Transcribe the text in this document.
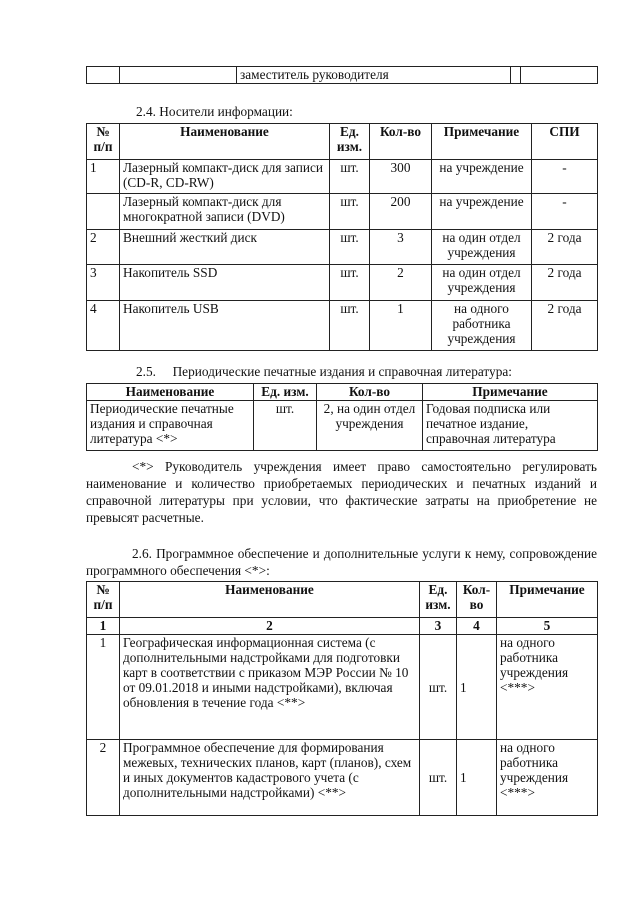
		заместитель руководителя		
2.4. Носители информации:
№ п/п	Наименование	Ед. изм.	Кол-во	Примечание	СПИ
1	Лазерный компакт-диск для записи (CD-R, CD-RW)	шт.	300	на учреждение	-
	Лазерный компакт-диск для многократной записи (DVD)	шт.	200	на учреждение	-
2	Внешний жесткий диск	шт.	3	на один отдел учреждения	2 года
3	Накопитель SSD	шт.	2	на один отдел учреждения	2 года
4	Накопитель USB	шт.	1	на одного работника учреждения	2 года
2.5.     Периодические печатные издания и справочная литература:
Наименование	Ед. изм.	Кол-во	Примечание
Периодические печатные издания и справочная литература <*>	шт.	2, на один отдел учреждения	Годовая подписка или печатное издание, справочная литература
<*> Руководитель учреждения имеет право самостоятельно регулировать наименование и количество приобретаемых периодических и печатных изданий и справочной литературы при условии, что фактические затраты на приобретение не превысят расчетные.
2.6. Программное обеспечение и дополнительные услуги к нему, сопровождение программного обеспечения <*>:
№ п/п	Наименование	Ед. изм.	Кол-во	Примечание
1	2	3	4	5
1	Географическая информационная система (с дополнительными надстройками для подготовки карт в соответствии с приказом МЭР России № 10 от 09.01.2018 и иными надстройками), включая обновления в течение года <**>	шт.	1	на одного работника учреждения <***>
2	Программное обеспечение для формирования межевых, технических планов, карт (планов), схем и иных документов кадастрового учета (с дополнительными надстройками) <**>	шт.	1	на одного работника учреждения <***>
